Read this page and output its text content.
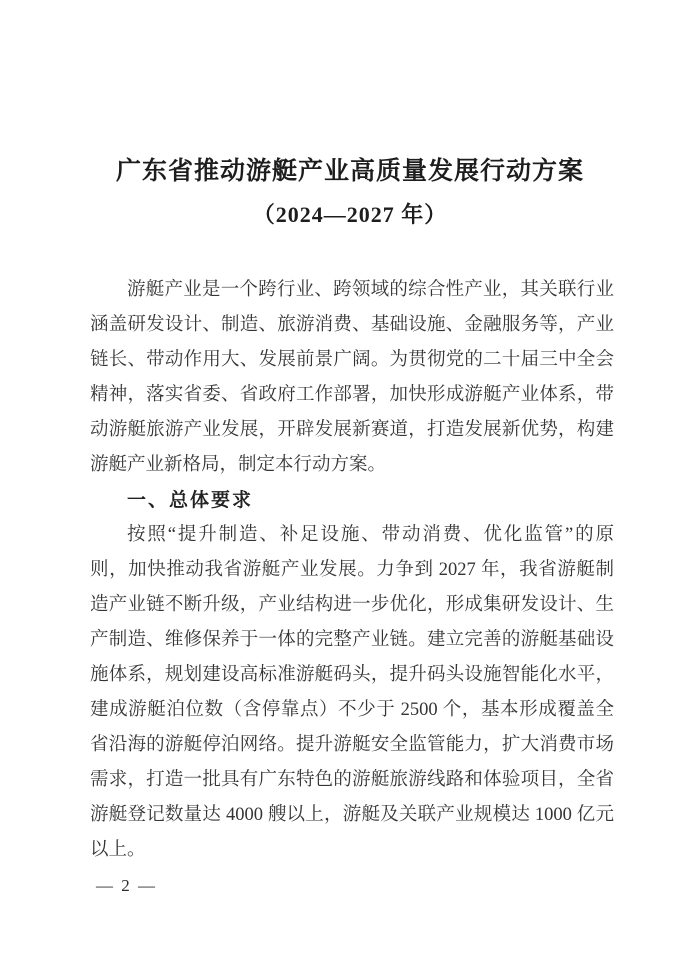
广东省推动游艇产业高质量发展行动方案
（2024—2027 年）
游艇产业是一个跨行业、跨领域的综合性产业，其关联行业
涵盖研发设计、制造、旅游消费、基础设施、金融服务等，产业
链长、带动作用大、发展前景广阔。为贯彻党的二十届三中全会
精神，落实省委、省政府工作部署，加快形成游艇产业体系，带
动游艇旅游产业发展，开辟发展新赛道，打造发展新优势，构建
游艇产业新格局，制定本行动方案。
一、总体要求
按照“提升制造、补足设施、带动消费、优化监管”的原
则，加快推动我省游艇产业发展。力争到 2027 年，我省游艇制
造产业链不断升级，产业结构进一步优化，形成集研发设计、生
产制造、维修保养于一体的完整产业链。建立完善的游艇基础设
施体系，规划建设高标准游艇码头，提升码头设施智能化水平，
建成游艇泊位数（含停靠点）不少于 2500 个，基本形成覆盖全
省沿海的游艇停泊网络。提升游艇安全监管能力，扩大消费市场
需求，打造一批具有广东特色的游艇旅游线路和体验项目，全省
游艇登记数量达 4000 艘以上，游艇及关联产业规模达 1000 亿元
以上。
— 2 —
